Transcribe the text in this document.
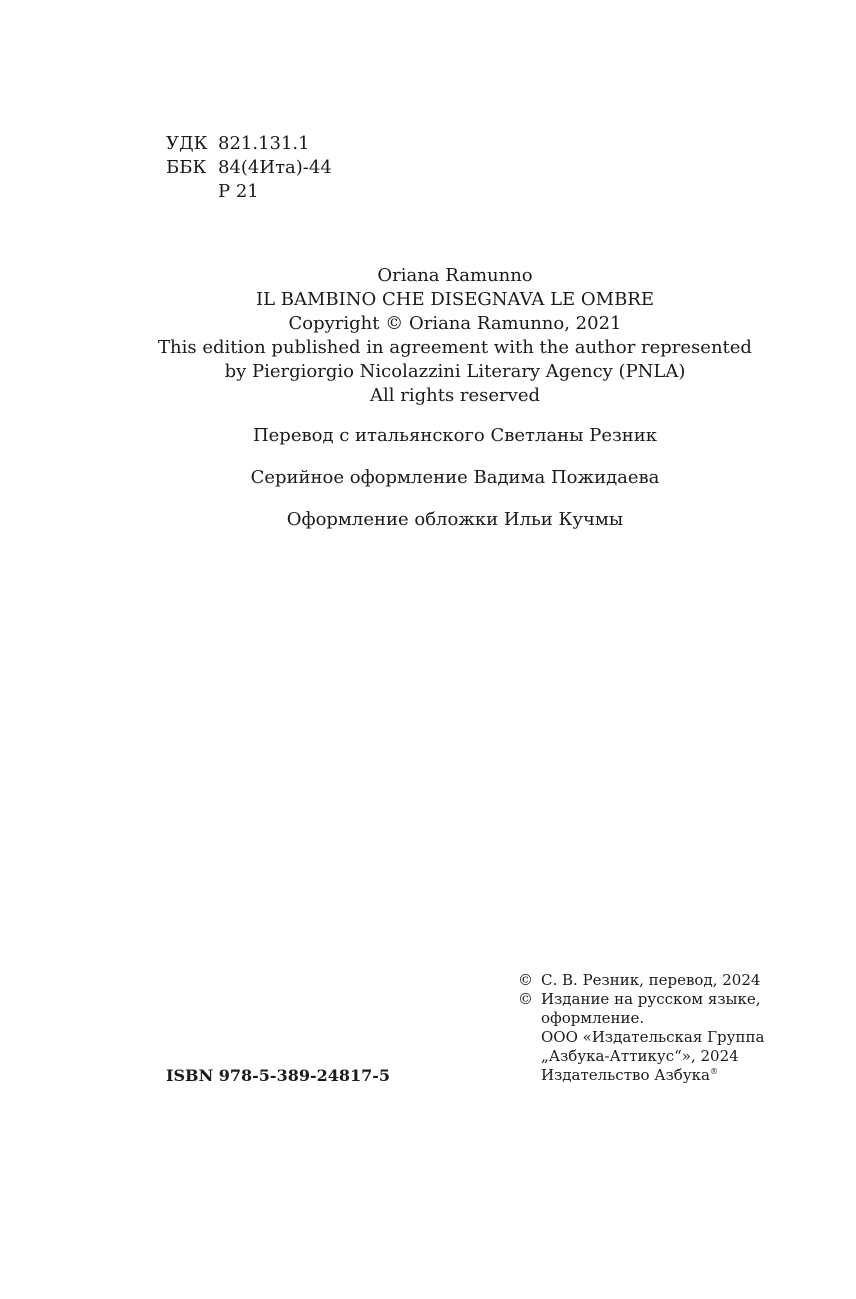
УДК 821.131.1
ББК 84(4Ита)-44
Р 21
Oriana Ramunno
IL BAMBINO CHE DISEGNAVA LE OMBRE
Copyright © Oriana Ramunno, 2021
This edition published in agreement with the author represented
by Piergiorgio Nicolazzini Literary Agency (PNLA)
All rights reserved
Перевод с итальянского Светланы Резник
Серийное оформление Вадима Пожидаева
Оформление обложки Ильи Кучмы
ISBN 978-5-389-24817-5
© С. В. Резник, перевод, 2024
© Издание на русском языке,
оформление.
ООО «Издательская Группа
„Азбука-Аттикус“», 2024
Издательство Азбука®
